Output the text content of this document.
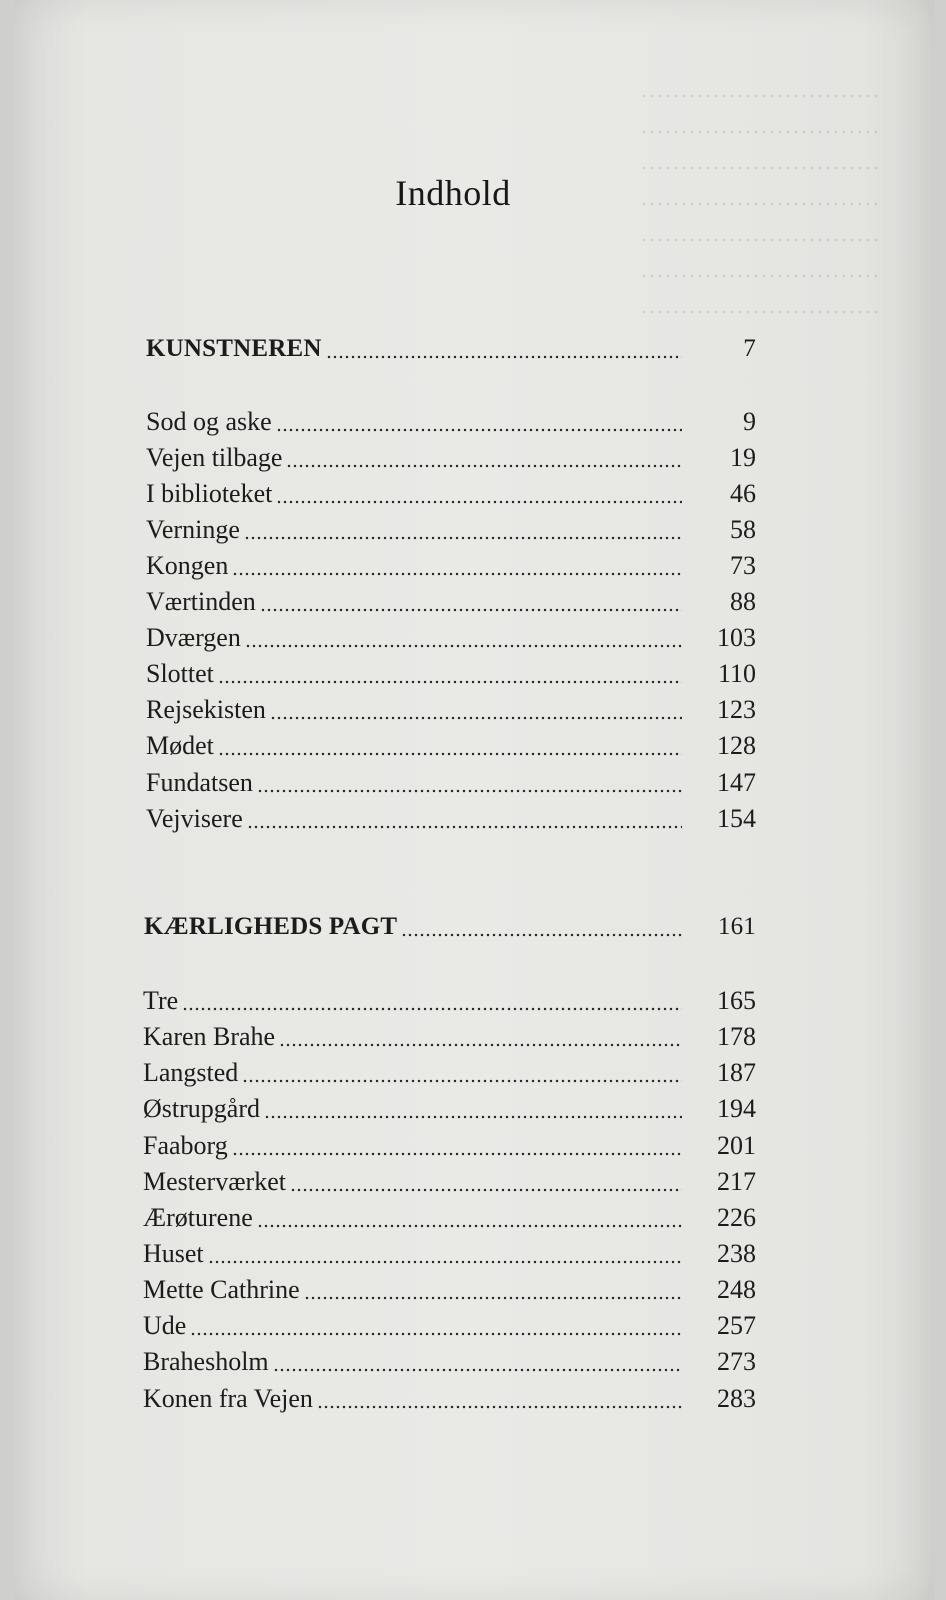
Indhold
KUNSTNEREN	7
Sod og aske	9
Vejen tilbage	19
I biblioteket	46
Verninge	58
Kongen	73
Værtinden	88
Dværgen	103
Slottet	110
Rejsekisten	123
Mødet	128
Fundatsen	147
Vejvisere	154
KÆRLIGHEDS PAGT	161
Tre	165
Karen Brahe	178
Langsted	187
Østrupgård	194
Faaborg	201
Mesterværket	217
Ærøturene	226
Huset	238
Mette Cathrine	248
Ude	257
Brahesholm	273
Konen fra Vejen	283
